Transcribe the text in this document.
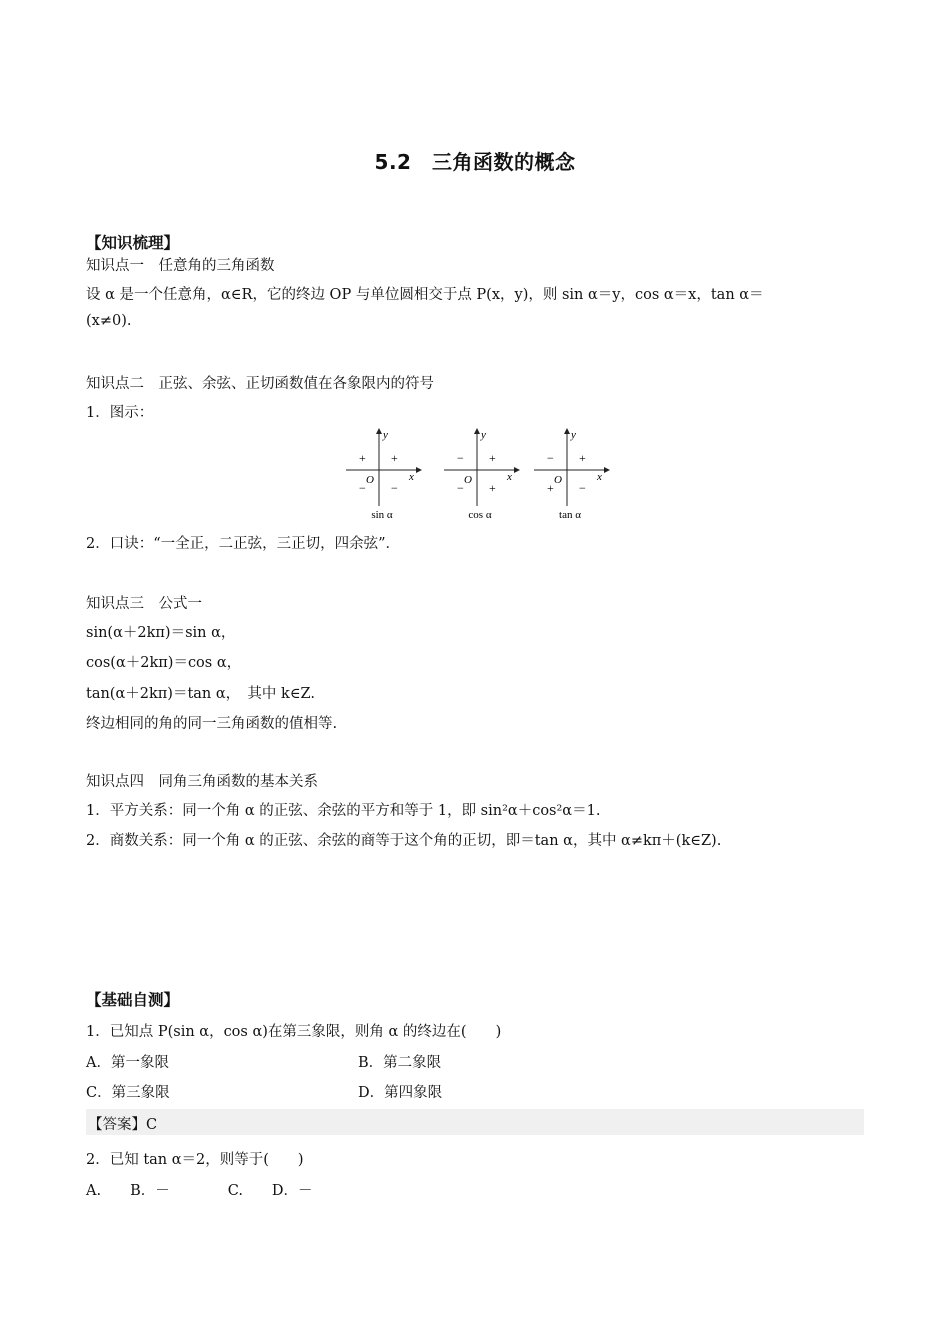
5.2　三角函数的概念
【知识梳理】
知识点一　任意角的三角函数
设 α 是一个任意角，α∈R，它的终边 OP 与单位圆相交于点 P(x，y)，则 sin α＝y，cos α＝x，tan α＝
(x≠0).
知识点二　正弦、余弦、正切函数值在各象限内的符号
1．图示：
y
x
O
+
+
− −
sin α
y
x
O
+
−
− +
cos α
y
x
O
+
−
+ −
tan α
2．口诀：“一全正，二正弦，三正切，四余弦”．
知识点三　公式一
sin(α＋2kπ)＝sin α，
cos(α＋2kπ)＝cos α，
tan(α＋2kπ)＝tan α，　其中 k∈Z.
终边相同的角的同一三角函数的值相等.
知识点四　同角三角函数的基本关系
1．平方关系：同一个角 α 的正弦、余弦的平方和等于 1，即 sin²α＋cos²α＝1.
2．商数关系：同一个角 α 的正弦、余弦的商等于这个角的正切，即＝tan α，其中 α≠kπ＋(k∈Z).
【基础自测】
1．已知点 P(sin α，cos α)在第三象限，则角 α 的终边在(　　)
A．第一象限	B．第二象限
C．第三象限	D．第四象限
【答案】C
2．已知 tan α＝2，则等于(　　)
A.　　B．－　　　　C.　　D．－
